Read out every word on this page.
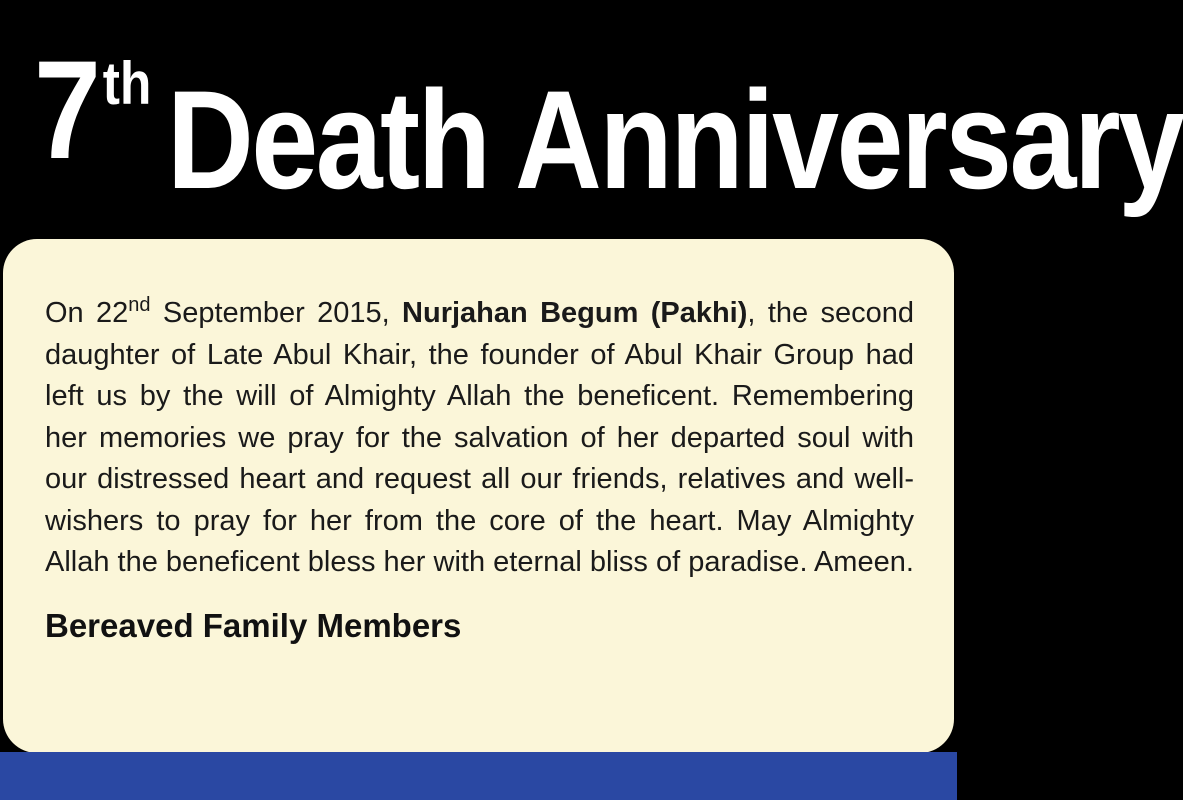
7 th Death Anniversary

On 22nd September 2015, Nurjahan Begum (Pakhi), the second daughter of Late Abul Khair, the founder of Abul Khair Group had left us by the will of Almighty Allah the beneficent. Remembering her memories we pray for the salvation of her departed soul with our distressed heart and request all our friends, relatives and well-wishers to pray for her from the core of the heart. May Almighty Allah the beneficent bless her with eternal bliss of paradise. Ameen.

Bereaved Family Members
